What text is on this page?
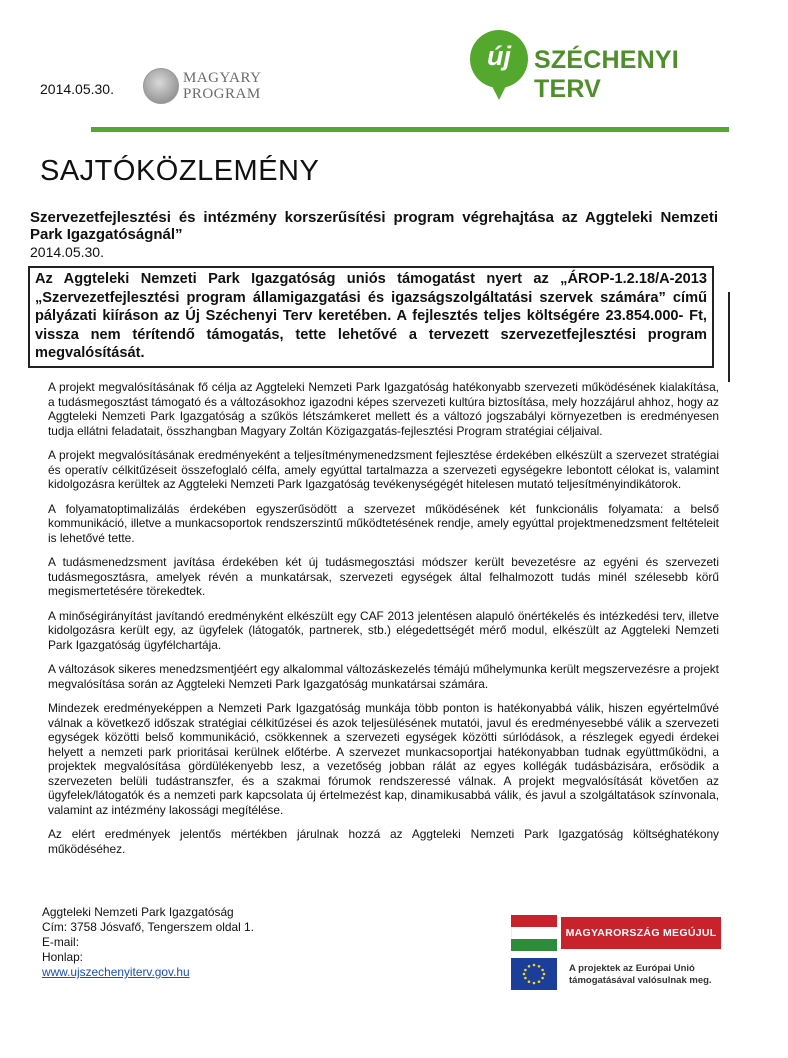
MAGYARY
PROGRAM
új SZÉCHENYI TERV
2014.05.30.
SAJTÓKÖZLEMÉNY
Szervezetfejlesztési és intézmény korszerűsítési program végrehajtása az Aggteleki Nemzeti Park Igazgatóságnál”
2014.05.30.
Az Aggteleki Nemzeti Park Igazgatóság uniós támogatást nyert az „ÁROP-1.2.18/A-2013 „Szervezetfejlesztési program államigazgatási és igazságszolgáltatási szervek számára” című pályázati kiíráson az Új Széchenyi Terv keretében. A fejlesztés teljes költségére 23.854.000- Ft, vissza nem térítendő támogatás, tette lehetővé a tervezett szervezetfejlesztési program megvalósítását.

A projekt megvalósításának fő célja az Aggteleki Nemzeti Park Igazgatóság hatékonyabb szervezeti működésének kialakítása, a tudásmegosztást támogató és a változásokhoz igazodni képes szervezeti kultúra biztosítása, mely hozzájárul ahhoz, hogy az Aggteleki Nemzeti Park Igazgatóság a szűkös létszámkeret mellett és a változó jogszabályi környezetben is eredményesen tudja ellátni feladatait, összhangban Magyary Zoltán Közigazgatás-fejlesztési Program stratégiai céljaival.

A projekt megvalósításának eredményeként a teljesítménymenedzsment fejlesztése érdekében elkészült a szervezet stratégiai és operatív célkitűzéseit összefoglaló célfa, amely egyúttal tartalmazza a szervezeti egységekre lebontott célokat is, valamint kidolgozásra kerültek az Aggteleki Nemzeti Park Igazgatóság tevékenységégét hitelesen mutató teljesítményindikátorok.

A folyamatoptimalizálás érdekében egyszerűsödött a szervezet működésének két funkcionális folyamata: a belső kommunikáció, illetve a munkacsoportok rendszerszintű működtetésének rendje, amely egyúttal projektmenedzsment feltételeit is lehetővé tette.

A tudásmenedzsment javítása érdekében két új tudásmegosztási módszer került bevezetésre az egyéni és szervezeti tudásmegosztásra, amelyek révén a munkatársak, szervezeti egységek által felhalmozott tudás minél szélesebb körű megismertetésére törekedtek.

A minőségirányítást javítandó eredményként elkészült egy CAF 2013 jelentésen alapuló önértékelés és intézkedési terv, illetve kidolgozásra került egy, az ügyfelek (látogatók, partnerek, stb.) elégedettségét mérő modul, elkészült az Aggteleki Nemzeti Park Igazgatóság ügyfélchartája.

A változások sikeres menedzsmentjéért egy alkalommal változáskezelés témájú műhelymunka került megszervezésre a projekt megvalósítása során az Aggteleki Nemzeti Park Igazgatóság munkatársai számára.

Mindezek eredményeképpen a Nemzeti Park Igazgatóság munkája több ponton is hatékonyabbá válik, hiszen egyértelművé válnak a következő időszak stratégiai célkitűzései és azok teljesülésének mutatói, javul és eredményesebbé válik a szervezeti egységek közötti belső kommunikáció, csökkennek a szervezeti egységek közötti súrlódások, a részlegek egyedi érdekei helyett a nemzeti park prioritásai kerülnek előtérbe. A szervezet munkacsoportjai hatékonyabban tudnak együttműködni, a projektek megvalósítása gördülékenyebb lesz, a vezetőség jobban rálát az egyes kollégák tudásbázisára, erősödik a szervezeten belüli tudástranszfer, és a szakmai fórumok rendszeressé válnak. A projekt megvalósítását követően az ügyfelek/látogatók és a nemzeti park kapcsolata új értelmezést kap, dinamikusabbá válik, és javul a szolgáltatások színvonala, valamint az intézmény lakossági megítélése.

Az elért eredmények jelentős mértékben járulnak hozzá az Aggteleki Nemzeti Park Igazgatóság költséghatékony működéséhez.

Aggteleki Nemzeti Park Igazgatóság
Cím: 3758 Jósvafő, Tengerszem oldal 1.
E-mail:
Honlap:
www.ujszechenyiterv.gov.hu
MAGYARORSZÁG MEGÚJUL
A projektek az Európai Unió
támogatásával valósulnak meg.
